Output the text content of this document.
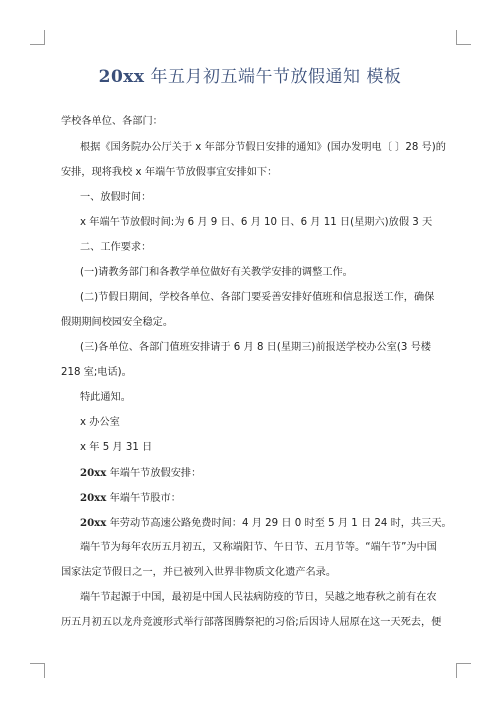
20xx 年五月初五端午节放假通知 模板
学校各单位、各部门：
根据《国务院办公厅关于 x 年部分节假日安排的通知》(国办发明电〔 〕28 号)的
安排，现将我校 x 年端午节放假事宜安排如下：
一、放假时间：
x 年端午节放假时间:为 6 月 9 日、6 月 10 日、6 月 11 日(星期六)放假 3 天
二、工作要求：
(一)请教务部门和各教学单位做好有关教学安排的调整工作。
(二)节假日期间，学校各单位、各部门要妥善安排好值班和信息报送工作，确保
假期期间校园安全稳定。
(三)各单位、各部门值班安排请于 6 月 8 日(星期三)前报送学校办公室(3 号楼
218 室;电话)。
特此通知。
x 办公室
x 年 5 月 31 日
20xx 年端午节放假安排：
20xx 年端午节股市：
20xx 年劳动节高速公路免费时间：4 月 29 日 0 时至 5 月 1 日 24 时，共三天。
端午节为每年农历五月初五，又称端阳节、午日节、五月节等。“端午节”为中国
国家法定节假日之一，并已被列入世界非物质文化遗产名录。
端午节起源于中国，最初是中国人民祛病防疫的节日，吴越之地春秋之前有在农
历五月初五以龙舟竞渡形式举行部落图腾祭祀的习俗;后因诗人屈原在这一天死去，便
